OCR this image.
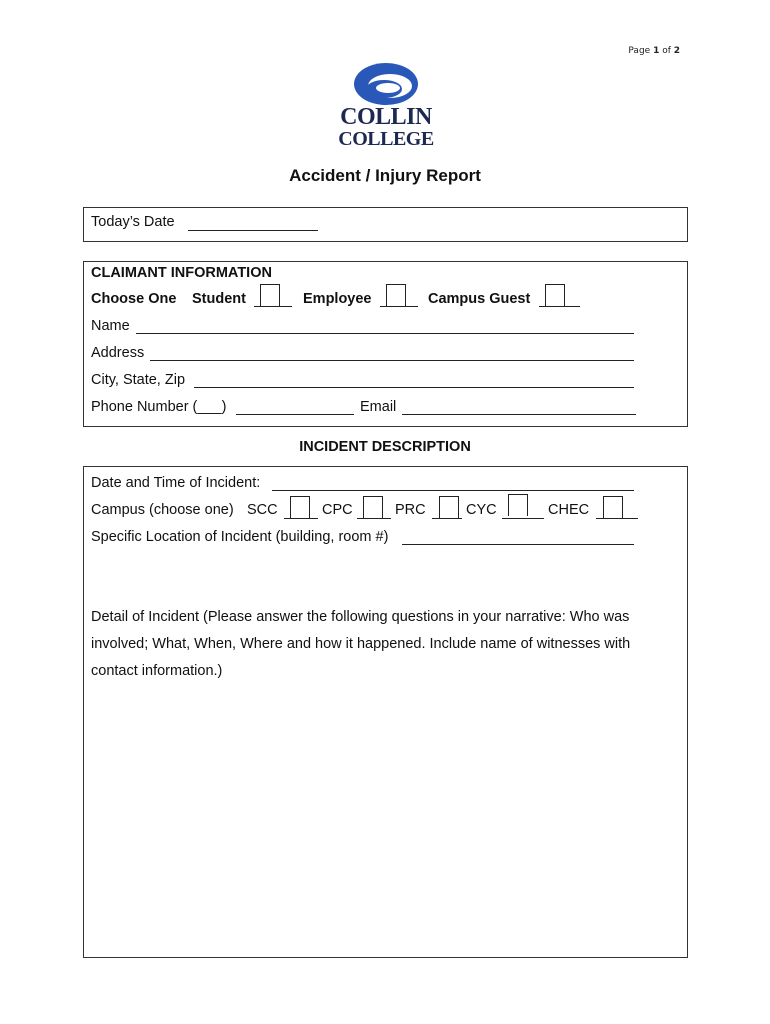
Page 1 of 2
COLLIN
COLLEGE
Accident / Injury Report
Today’s Date
CLAIMANT INFORMATION
Choose One Student	Employee	Campus Guest
Name
Address
City, State, Zip
Phone Number (___)	Email
INCIDENT DESCRIPTION
Date and Time of Incident:
Campus (choose one) SCC	CPC	PRC	CYC	CHEC
Specific Location of Incident (building, room #)
Detail of Incident (Please answer the following questions in your narrative: Who was
involved; What, When, Where and how it happened. Include name of witnesses with
contact information.)
